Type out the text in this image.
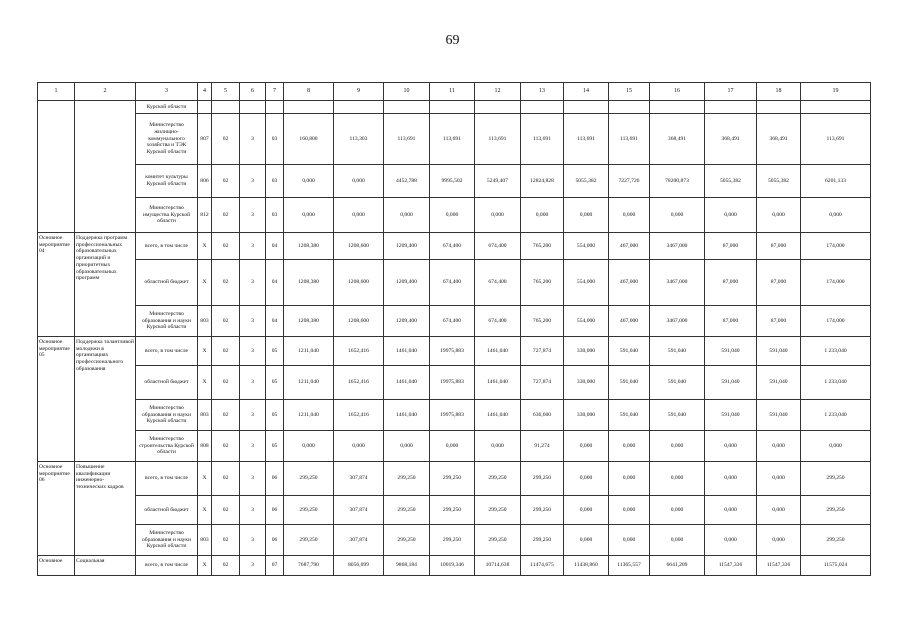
69
1	2	3	4	5	6	7	8	9	10	11	12	13	14	15	16	17	18	19
		Курской области																
		Министерство жилищно-коммунального хозяйства и ТЭК Курской области	807	02	3	03	160,800	113,303	113,691	113,691	113,691	113,691	113,691	113,691	368,491	368,491	368,491	113,691
		комитет культуры Курской области	806	02	3	03	0,000	0,000	4452,788	9995,502	5249,407	12824,828	5055,382	7227,726	78200,873	5055,382	5055,382	6201,133
		Министерство имущества Курской области	812	02	3	03	0,000	0,000	0,000	0,000	0,000	0,000	0,000	0,000	0,000	0,000	0,000	0,000
Основное мероприятие 04	Поддержка программ профессиональных образовательных организаций и приоритетных образовательных программ	всего, в том числе	Х	02	3	04	1208,380	1208,600	1209,400	674,400	674,400	765,200	554,000	467,000	3467,000	87,000	87,000	174,000
		областной бюджет	Х	02	3	04	1208,380	1208,600	1209,400	674,400	674,400	765,200	554,000	467,000	3467,000	87,000	87,000	174,000
		Министерство образования и науки Курской области	803	02	3	04	1208,380	1208,600	1209,400	674,400	674,400	765,200	554,000	467,000	3467,000	87,000	87,000	174,000
Основное мероприятие 05	Поддержка талантливой молодежи в организациях профессионального образования	всего, в том числе	Х	02	3	05	1211,040	1652,416	1461,040	19975,883	1461,040	727,874	330,000	591,040	591,040	591,040	591,040	1 233,040
		областной бюджет	Х	02	3	05	1211,040	1652,416	1461,040	19975,883	1461,040	727,874	330,000	591,040	591,040	591,040	591,040	1 233,040
		Министерство образования и науки Курской области	803	02	3	05	1211,040	1652,416	1461,040	19975,883	1461,040	636,600	330,000	591,040	591,040	591,040	591,040	1 233,040
		Министерство строительства Курской области	808	02	3	05	0,000	0,000	0,000	0,000	0,000	91,274	0,000	0,000	0,000	0,000	0,000	0,000
Основное мероприятие 06	Повышение квалификации инженерно-технических кадров	всего, в том числе	Х	02	3	06	299,250	307,874	299,250	299,250	299,250	299,250	0,000	0,000	0,000	0,000	0,000	299,250
		областной бюджет	Х	02	3	06	299,250	307,874	299,250	299,250	299,250	299,250	0,000	0,000	0,000	0,000	0,000	299,250
		Министерство образования и науки Курской области	803	02	3	06	299,250	307,874	299,250	299,250	299,250	299,250	0,000	0,000	0,000	0,000	0,000	299,250
Основное	Социальная	всего, в том числе	Х	02	3	07	7687,790	8056,099	9868,184	10019,346	10714,638	11474,675	11438,860	11365,557	6641,209	11547,336	11547,336	11575,024
